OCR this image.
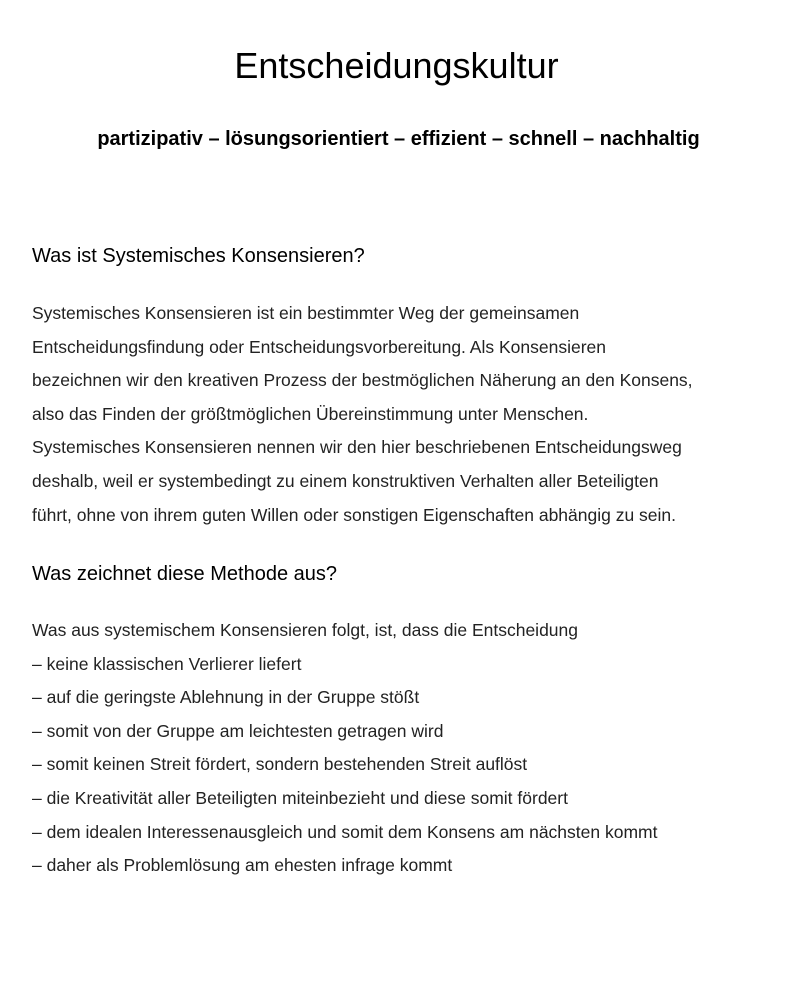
Entscheidungskultur

partizipativ – lösungsorientiert – effizient – schnell – nachhaltig

Was ist Systemisches Konsensieren?
Systemisches Konsensieren ist ein bestimmter Weg der gemeinsamen
Entscheidungsfindung oder Entscheidungsvorbereitung. Als Konsensieren
bezeichnen wir den kreativen Prozess der bestmöglichen Näherung an den Konsens,
also das Finden der größtmöglichen Übereinstimmung unter Menschen.
Systemisches Konsensieren nennen wir den hier beschriebenen Entscheidungsweg
deshalb, weil er systembedingt zu einem konstruktiven Verhalten aller Beteiligten
führt, ohne von ihrem guten Willen oder sonstigen Eigenschaften abhängig zu sein.
Was zeichnet diese Methode aus?
Was aus systemischem Konsensieren folgt, ist, dass die Entscheidung
– keine klassischen Verlierer liefert
– auf die geringste Ablehnung in der Gruppe stößt
– somit von der Gruppe am leichtesten getragen wird
– somit keinen Streit fördert, sondern bestehenden Streit auflöst
– die Kreativität aller Beteiligten miteinbezieht und diese somit fördert
– dem idealen Interessenausgleich und somit dem Konsens am nächsten kommt
– daher als Problemlösung am ehesten infrage kommt
